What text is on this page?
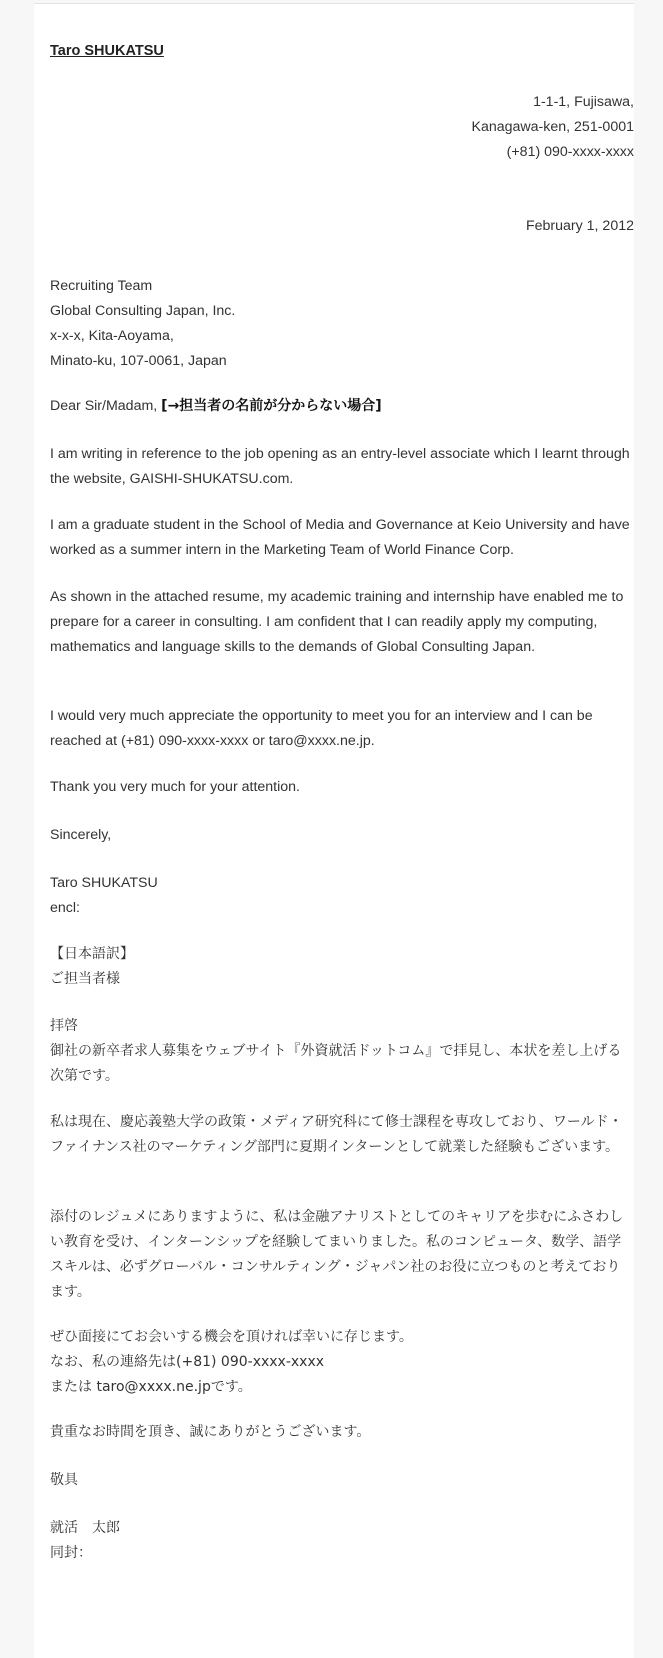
Taro SHUKATSU
1-1-1, Fujisawa,
Kanagawa-ken, 251-0001
(+81) 090-xxxx-xxxx
February 1, 2012
Recruiting Team
Global Consulting Japan, Inc.
x-x-x, Kita-Aoyama,
Minato-ku, 107-0061, Japan
Dear Sir/Madam, [→担当者の名前が分からない場合]
I am writing in reference to the job opening as an entry-level associate which I learnt through the website, GAISHI-SHUKATSU.com.
I am a graduate student in the School of Media and Governance at Keio University and have worked as a summer intern in the Marketing Team of World Finance Corp.
As shown in the attached resume, my academic training and internship have enabled me to prepare for a career in consulting. I am confident that I can readily apply my computing, mathematics and language skills to the demands of Global Consulting Japan.
I would very much appreciate the opportunity to meet you for an interview and I can be reached at (+81) 090-xxxx-xxxx or taro@xxxx.ne.jp.
Thank you very much for your attention.
Sincerely,
Taro SHUKATSU
encl:
【日本語訳】
ご担当者様
拝啓
御社の新卒者求人募集をウェブサイト『外資就活ドットコム』で拝見し、本状を差し上げる次第です。
私は現在、慶応義塾大学の政策・メディア研究科にて修士課程を専攻しており、ワールド・ファイナンス社のマーケティング部門に夏期インターンとして就業した経験もございます。
添付のレジュメにありますように、私は金融アナリストとしてのキャリアを歩むにふさわしい教育を受け、インターンシップを経験してまいりました。私のコンピュータ、数学、語学スキルは、必ずグローバル・コンサルティング・ジャパン社のお役に立つものと考えております。
ぜひ面接にてお会いする機会を頂ければ幸いに存じます。
なお、私の連絡先は(+81) 090-xxxx-xxxx
または taro@xxxx.ne.jpです。
貴重なお時間を頂き、誠にありがとうございます。
敬具
就活　太郎
同封：
